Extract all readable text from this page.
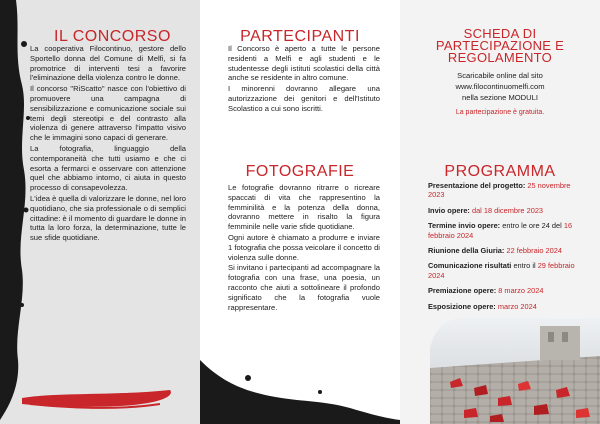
IL CONCORSO

La cooperativa Filocontinuo, gestore dello Sportello donna del Comune di Melfi, si fa promotrice di interventi tesi a favorire l'eliminazione della violenza contro le donne.

Il concorso "RiScatto" nasce con l'obiettivo di promuovere una campagna di sensibilizzazione e comunicazione sociale sui temi degli stereotipi e del contrasto alla violenza di genere attraverso l'impatto visivo che le immagini sono capaci di generare.

La fotografia, linguaggio della contemporaneità che tutti usiamo e che ci esorta a fermarci e osservare con attenzione quel che abbiamo intorno, ci aiuta in questo processo di consapevolezza.

L'idea è quella di valorizzare le donne, nel loro quotidiano, che sia professionale o di semplici cittadine: è il momento di guardare le donne in tutta la loro forza, la determinazione, tutte le sue sfide quotidiane.

PARTECIPANTI

Il Concorso è aperto a tutte le persone residenti a Melfi e agli studenti e le studentesse degli istituti scolastici della città anche se residente in altro comune.

I minorenni dovranno allegare una autorizzazione dei genitori e dell'Istituto Scolastico a cui sono iscritti.

FOTOGRAFIE

Le fotografie dovranno ritrarre o ricreare spaccati di vita che rappresentino la femminilità e la potenza della donna, dovranno mettere in risalto la figura femminile nelle varie sfide quotidiane.

Ogni autore è chiamato a produrre e inviare 1 fotografia che possa veicolare il concetto di violenza sulle donne.

Si invitano i partecipanti ad accompagnare la fotografia con una frase, una poesia, un racconto che aiuti a sottolineare il profondo significato che la fotografia vuole rappresentare.

SCHEDA DI
PARTECIPAZIONE E
REGOLAMENTO
Scaricabile online dal sito
www.filocontinuomelfi.com
nella sezione MODULI
La partecipazione è gratuita.
PROGRAMMA
Presentazione del progetto: 25 novembre 2023
Invio opere: dal 18 dicembre 2023
Termine invio opere: entro le ore 24 del 16 febbraio 2024
Riunione della Giuria: 22 febbraio 2024
Comunicazione risultati entro il 29 febbraio 2024
Premiazione opere: 8 marzo 2024
Esposizione opere: marzo 2024
